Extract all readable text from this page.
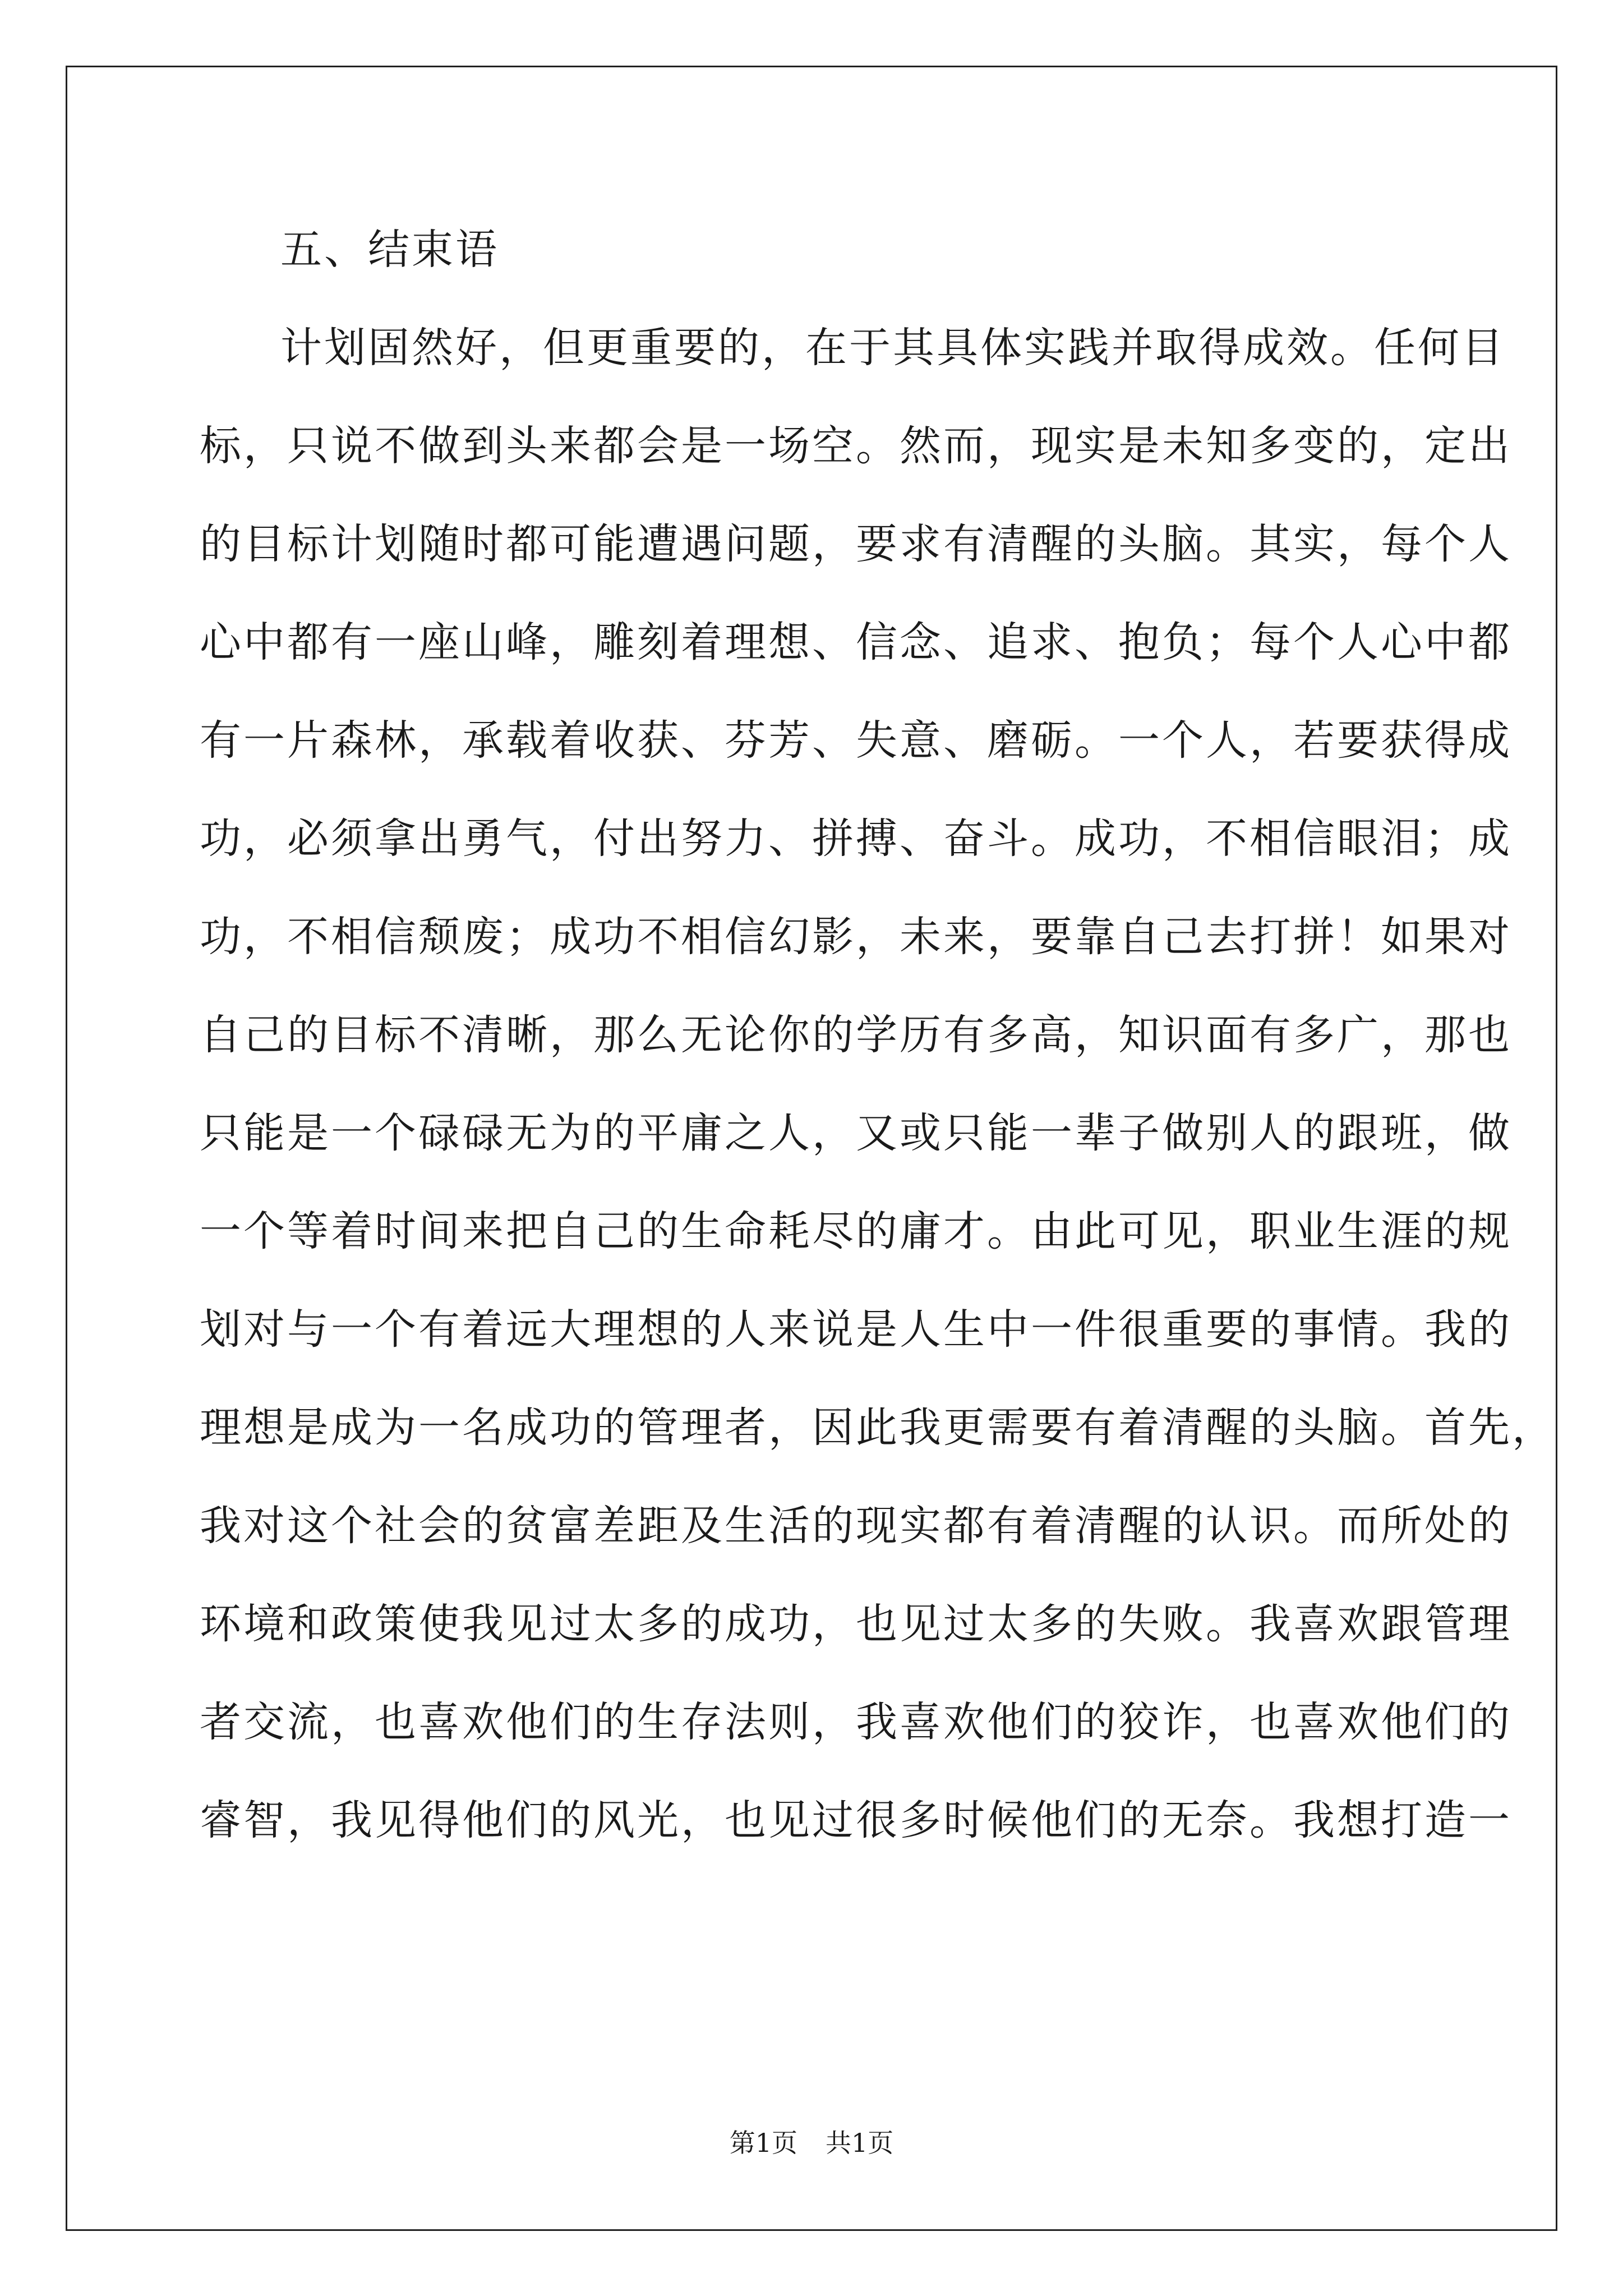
五、结束语
计划固然好，但更重要的，在于其具体实践并取得成效。任何目
标，只说不做到头来都会是一场空。然而，现实是未知多变的，定出
的目标计划随时都可能遭遇问题，要求有清醒的头脑。其实，每个人
心中都有一座山峰，雕刻着理想、信念、追求、抱负；每个人心中都
有一片森林，承载着收获、芬芳、失意、磨砺。一个人，若要获得成
功，必须拿出勇气，付出努力、拼搏、奋斗。成功，不相信眼泪；成
功，不相信颓废；成功不相信幻影，未来，要靠自己去打拼！如果对
自己的目标不清晰，那么无论你的学历有多高，知识面有多广，那也
只能是一个碌碌无为的平庸之人，又或只能一辈子做别人的跟班，做
一个等着时间来把自己的生命耗尽的庸才。由此可见，职业生涯的规
划对与一个有着远大理想的人来说是人生中一件很重要的事情。我的
理想是成为一名成功的管理者，因此我更需要有着清醒的头脑。首先，
我对这个社会的贫富差距及生活的现实都有着清醒的认识。而所处的
环境和政策使我见过太多的成功，也见过太多的失败。我喜欢跟管理
者交流，也喜欢他们的生存法则，我喜欢他们的狡诈，也喜欢他们的
睿智，我见得他们的风光，也见过很多时候他们的无奈。我想打造一
第1页 共1页
